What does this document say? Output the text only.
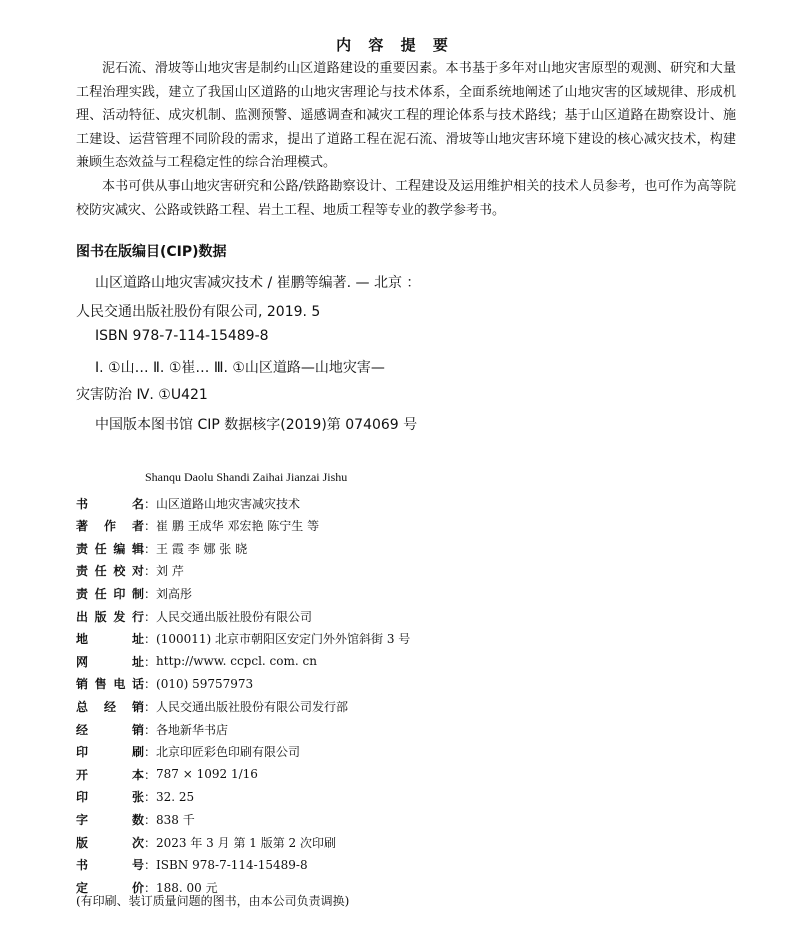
内 容 提 要
泥石流、滑坡等山地灾害是制约山区道路建设的重要因素。本书基于多年对山地灾害原型的观测、研究和大量工程治理实践，建立了我国山区道路的山地灾害理论与技术体系，全面系统地阐述了山地灾害的区域规律、形成机理、活动特征、成灾机制、监测预警、遥感调查和减灾工程的理论体系与技术路线；基于山区道路在勘察设计、施工建设、运营管理不同阶段的需求，提出了道路工程在泥石流、滑坡等山地灾害环境下建设的核心减灾技术，构建兼顾生态效益与工程稳定性的综合治理模式。
本书可供从事山地灾害研究和公路/铁路勘察设计、工程建设及运用维护相关的技术人员参考，也可作为高等院校防灾减灾、公路或铁路工程、岩土工程、地质工程等专业的教学参考书。
图书在版编目(CIP)数据
山区道路山地灾害减灾技术 / 崔鹏等编著. — 北京 ：
人民交通出版社股份有限公司, 2019. 5
ISBN 978-7-114-15489-8
Ⅰ. ①山… Ⅱ. ①崔… Ⅲ. ①山区道路—山地灾害—
灾害防治 Ⅳ. ①U421
中国版本图书馆 CIP 数据核字(2019)第 074069 号
Shanqu Daolu Shandi Zaihai Jianzai Jishu
书	名 ： 山区道路山地灾害减灾技术
著 作 者 ： 崔 鹏 王成华 邓宏艳 陈宁生 等
责 任 编 辑 ： 王 霞 李 娜 张 晓
责 任 校 对 ： 刘 芹
责 任 印 制 ： 刘高彤
出 版 发 行 ： 人民交通出版社股份有限公司
地	址 ： (100011) 北京市朝阳区安定门外外馆斜街 3 号
网	址 ： http://www. ccpcl. com. cn
销 售 电 话 ： (010) 59757973
总 经 销 ： 人民交通出版社股份有限公司发行部
经	销 ： 各地新华书店
印	刷 ： 北京印匠彩色印刷有限公司
开	本 ： 787 × 1092 1/16
印	张 ： 32. 25
字	数 ： 838 千
版	次 ： 2023 年 3 月 第 1 版第 2 次印刷
书	号 ： ISBN 978-7-114-15489-8
定	价 ： 188. 00 元
(有印刷、装订质量问题的图书，由本公司负责调换)
